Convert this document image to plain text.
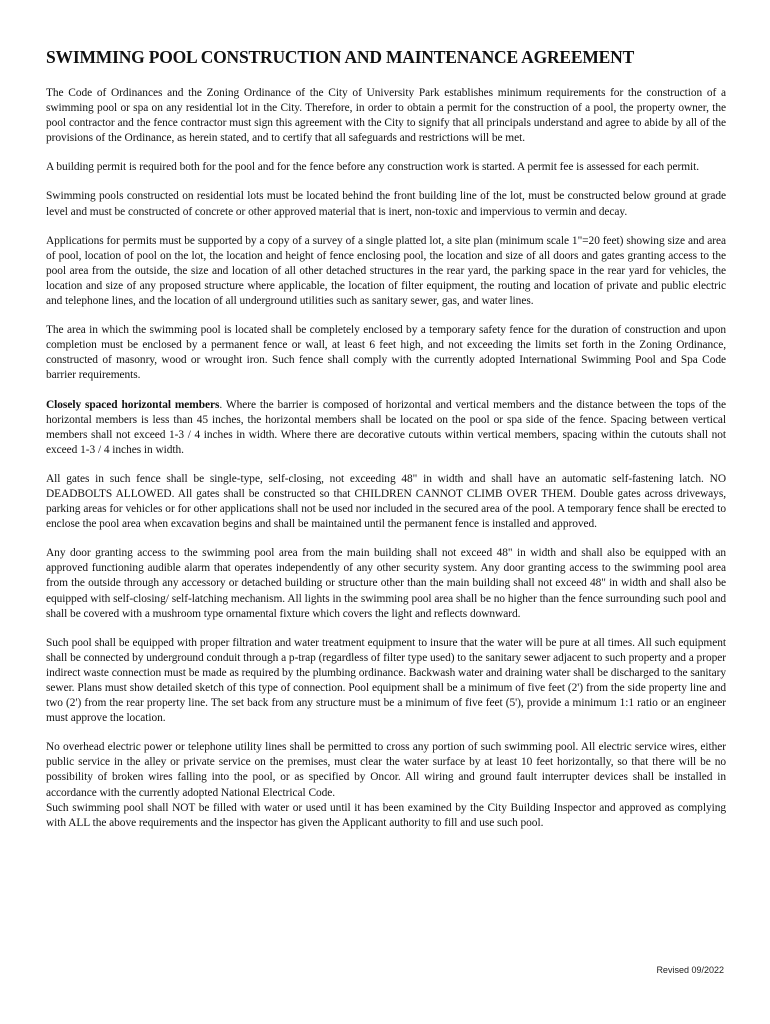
SWIMMING POOL CONSTRUCTION AND MAINTENANCE AGREEMENT

The Code of Ordinances and the Zoning Ordinance of the City of University Park establishes minimum requirements for the construction of a swimming pool or spa on any residential lot in the City. Therefore, in order to obtain a permit for the construction of a pool, the property owner, the pool contractor and the fence contractor must sign this agreement with the City to signify that all principals understand and agree to abide by all of the provisions of the Ordinance, as herein stated, and to certify that all safeguards and restrictions will be met.

A building permit is required both for the pool and for the fence before any construction work is started. A permit fee is assessed for each permit.

Swimming pools constructed on residential lots must be located behind the front building line of the lot, must be constructed below ground at grade level and must be constructed of concrete or other approved material that is inert, non-toxic and impervious to vermin and decay.

Applications for permits must be supported by a copy of a survey of a single platted lot, a site plan (minimum scale 1"=20 feet) showing size and area of pool, location of pool on the lot, the location and height of fence enclosing pool, the location and size of all doors and gates granting access to the pool area from the outside, the size and location of all other detached structures in the rear yard, the parking space in the rear yard for vehicles, the location and size of any proposed structure where applicable, the location of filter equipment, the routing and location of private and public electric and telephone lines, and the location of all underground utilities such as sanitary sewer, gas, and water lines.

The area in which the swimming pool is located shall be completely enclosed by a temporary safety fence for the duration of construction and upon completion must be enclosed by a permanent fence or wall, at least 6 feet high, and not exceeding the limits set forth in the Zoning Ordinance, constructed of masonry, wood or wrought iron. Such fence shall comply with the currently adopted International Swimming Pool and Spa Code barrier requirements.

Closely spaced horizontal members. Where the barrier is composed of horizontal and vertical members and the distance between the tops of the horizontal members is less than 45 inches, the horizontal members shall be located on the pool or spa side of the fence. Spacing between vertical members shall not exceed 1-3 / 4 inches in width. Where there are decorative cutouts within vertical members, spacing within the cutouts shall not exceed 1-3 / 4 inches in width.

All gates in such fence shall be single-type, self-closing, not exceeding 48" in width and shall have an automatic self-fastening latch. NO DEADBOLTS ALLOWED. All gates shall be constructed so that CHILDREN CANNOT CLIMB OVER THEM. Double gates across driveways, parking areas for vehicles or for other applications shall not be used nor included in the secured area of the pool. A temporary fence shall be erected to enclose the pool area when excavation begins and shall be maintained until the permanent fence is installed and approved.

Any door granting access to the swimming pool area from the main building shall not exceed 48" in width and shall also be equipped with an approved functioning audible alarm that operates independently of any other security system. Any door granting access to the swimming pool area from the outside through any accessory or detached building or structure other than the main building shall not exceed 48" in width and shall also be equipped with self-closing/ self-latching mechanism. All lights in the swimming pool area shall be no higher than the fence surrounding such pool and shall be covered with a mushroom type ornamental fixture which covers the light and reflects downward.

Such pool shall be equipped with proper filtration and water treatment equipment to insure that the water will be pure at all times. All such equipment shall be connected by underground conduit through a p-trap (regardless of filter type used) to the sanitary sewer adjacent to such property and a proper indirect waste connection must be made as required by the plumbing ordinance. Backwash water and draining water shall be discharged to the sanitary sewer. Plans must show detailed sketch of this type of connection. Pool equipment shall be a minimum of five feet (2') from the side property line and two (2') from the rear property line. The set back from any structure must be a minimum of five feet (5'), provide a minimum 1:1 ratio or an engineer must approve the location.

No overhead electric power or telephone utility lines shall be permitted to cross any portion of such swimming pool. All electric service wires, either public service in the alley or private service on the premises, must clear the water surface by at least 10 feet horizontally, so that there will be no possibility of broken wires falling into the pool, or as specified by Oncor. All wiring and ground fault interrupter devices shall be installed in accordance with the currently adopted National Electrical Code.

Such swimming pool shall NOT be filled with water or used until it has been examined by the City Building Inspector and approved as complying with ALL the above requirements and the inspector has given the Applicant authority to fill and use such pool.

Revised 09/2022
